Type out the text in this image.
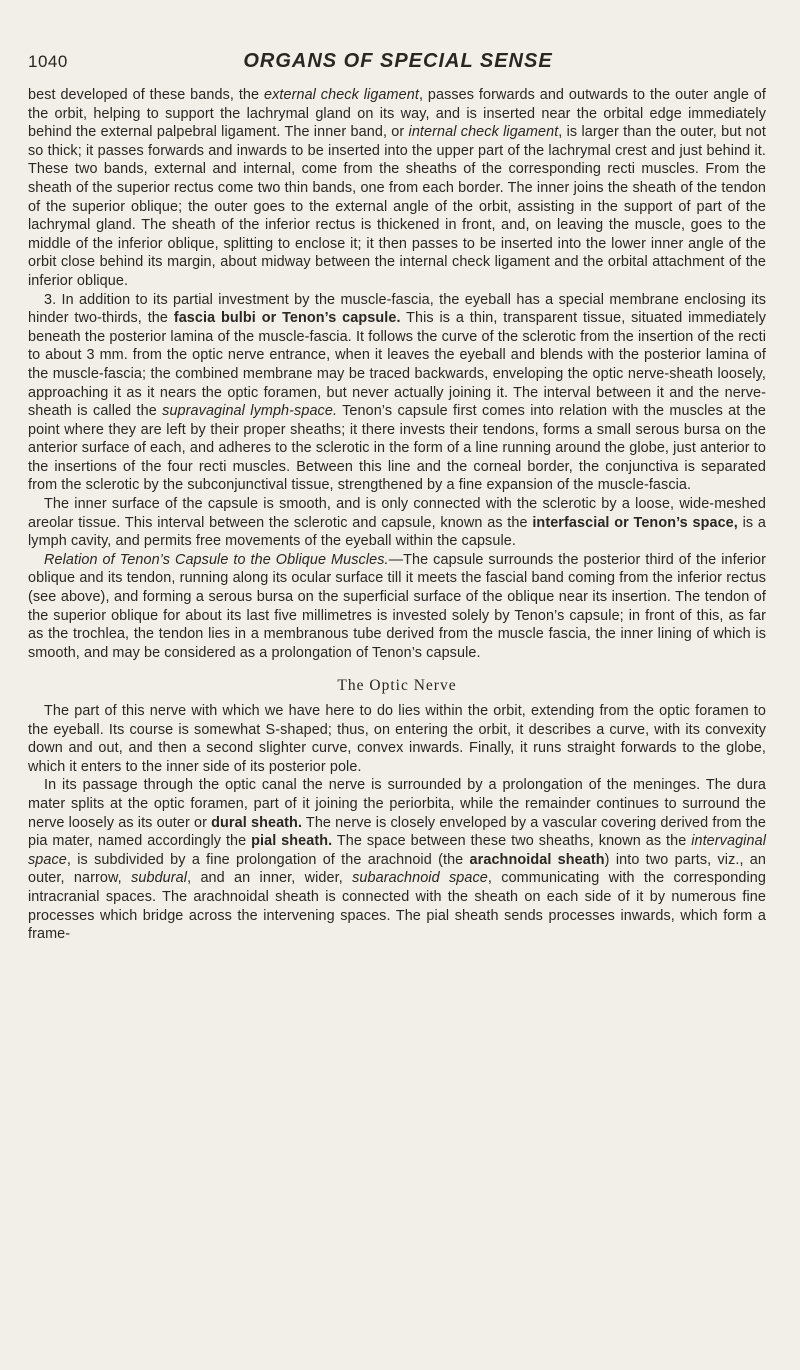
1040	ORGANS OF SPECIAL SENSE

best developed of these bands, the external check ligament, passes forwards and outwards to the outer angle of the orbit, helping to support the lachrymal gland on its way, and is inserted near the orbital edge immediately behind the external palpebral ligament. The inner band, or internal check ligament, is larger than the outer, but not so thick; it passes forwards and inwards to be inserted into the upper part of the lachrymal crest and just behind it. These two bands, external and internal, come from the sheaths of the corresponding recti muscles. From the sheath of the superior rectus come two thin bands, one from each border. The inner joins the sheath of the tendon of the superior oblique; the outer goes to the external angle of the orbit, assisting in the support of part of the lachrymal gland. The sheath of the inferior rectus is thickened in front, and, on leaving the muscle, goes to the middle of the inferior oblique, splitting to enclose it; it then passes to be inserted into the lower inner angle of the orbit close behind its margin, about midway between the internal check ligament and the orbital attachment of the inferior oblique.

3. In addition to its partial investment by the muscle-fascia, the eyeball has a special membrane enclosing its hinder two-thirds, the fascia bulbi or Tenon’s capsule. This is a thin, transparent tissue, situated immediately beneath the posterior lamina of the muscle-fascia. It follows the curve of the sclerotic from the insertion of the recti to about 3 mm. from the optic nerve entrance, when it leaves the eyeball and blends with the posterior lamina of the muscle-fascia; the combined membrane may be traced backwards, enveloping the optic nerve-sheath loosely, approaching it as it nears the optic foramen, but never actually joining it. The interval between it and the nerve-sheath is called the supravaginal lymph-space. Tenon’s capsule first comes into relation with the muscles at the point where they are left by their proper sheaths; it there invests their tendons, forms a small serous bursa on the anterior surface of each, and adheres to the sclerotic in the form of a line running around the globe, just anterior to the insertions of the four recti muscles. Between this line and the corneal border, the conjunctiva is separated from the sclerotic by the subconjunctival tissue, strengthened by a fine expansion of the muscle-fascia.

The inner surface of the capsule is smooth, and is only connected with the sclerotic by a loose, wide-meshed areolar tissue. This interval between the sclerotic and capsule, known as the interfascial or Tenon’s space, is a lymph cavity, and permits free movements of the eyeball within the capsule.

Relation of Tenon’s Capsule to the Oblique Muscles.—The capsule surrounds the posterior third of the inferior oblique and its tendon, running along its ocular surface till it meets the fascial band coming from the inferior rectus (see above), and forming a serous bursa on the superficial surface of the oblique near its insertion. The tendon of the superior oblique for about its last five millimetres is invested solely by Tenon’s capsule; in front of this, as far as the trochlea, the tendon lies in a membranous tube derived from the muscle fascia, the inner lining of which is smooth, and may be considered as a prolongation of Tenon’s capsule.

The Optic Nerve

The part of this nerve with which we have here to do lies within the orbit, extending from the optic foramen to the eyeball. Its course is somewhat S-shaped; thus, on entering the orbit, it describes a curve, with its convexity down and out, and then a second slighter curve, convex inwards. Finally, it runs straight forwards to the globe, which it enters to the inner side of its posterior pole.

In its passage through the optic canal the nerve is surrounded by a prolongation of the meninges. The dura mater splits at the optic foramen, part of it joining the periorbita, while the remainder continues to surround the nerve loosely as its outer or dural sheath. The nerve is closely enveloped by a vascular covering derived from the pia mater, named accordingly the pial sheath. The space between these two sheaths, known as the intervaginal space, is subdivided by a fine prolongation of the arachnoid (the arachnoidal sheath) into two parts, viz., an outer, narrow, subdural, and an inner, wider, subarachnoid space, communicating with the corresponding intracranial spaces. The arachnoidal sheath is connected with the sheath on each side of it by numerous fine processes which bridge across the intervening spaces. The pial sheath sends processes inwards, which form a frame-
